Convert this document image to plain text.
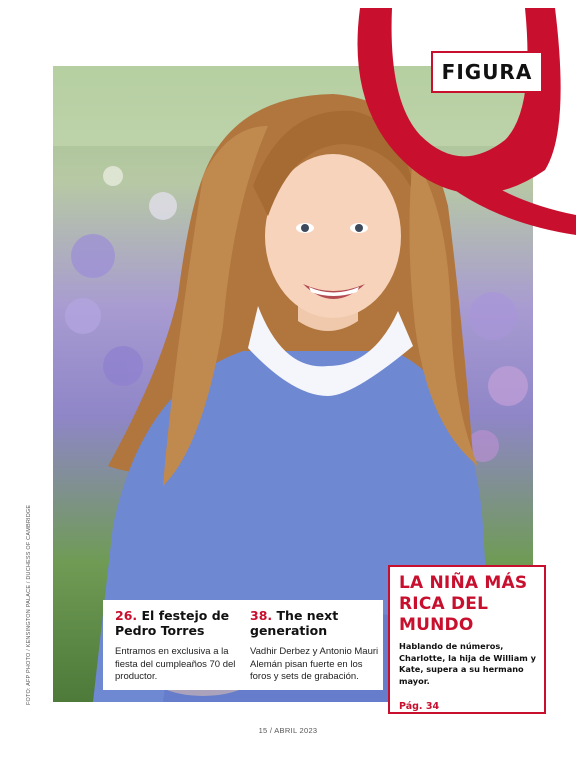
FIGURA
FOTO: AFP PHOTO / KENSINGTON PALACE / DUCHESS OF CAMBRIDGE	26. El festejo de Pedro Torres

Entramos en exclusiva a la fiesta del cumpleaños 70 del productor.

38. The next generation

Vadhir Derbez y Antonio Mauri Alemán pisan fuerte en los foros y sets de grabación.

LA NIÑA MÁS RICA DEL MUNDO

Hablando de números, Charlotte, la hija de William y Kate, supera a su hermano mayor.

Pág. 34
15 / ABRIL 2023
